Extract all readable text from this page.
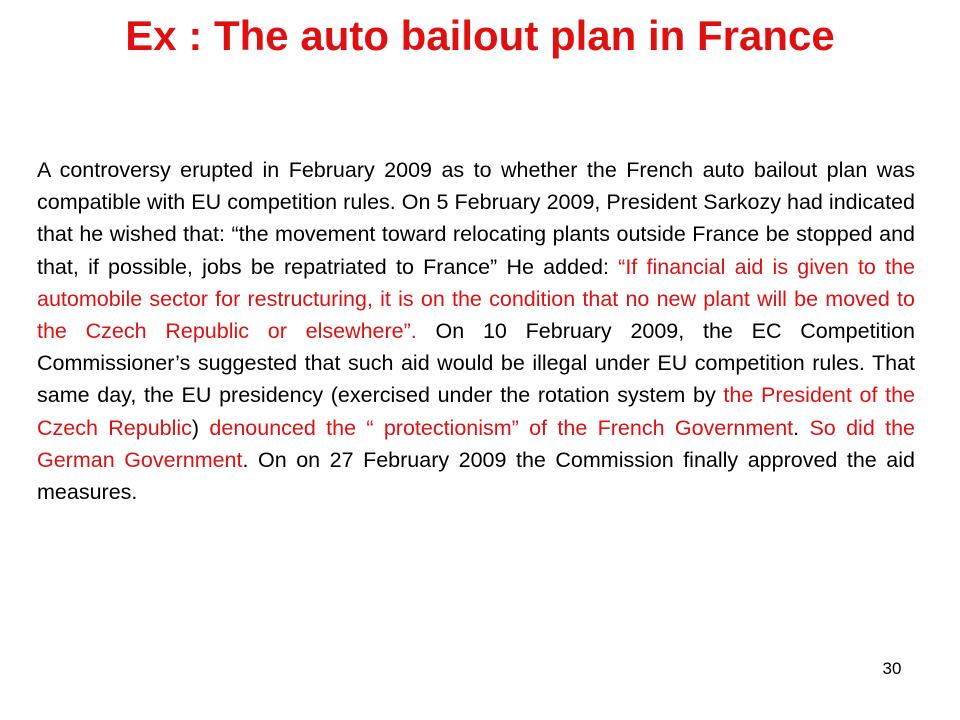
Ex : The auto bailout plan in France

A controversy erupted in February 2009 as to whether the French auto bailout plan was compatible with EU competition rules. On 5 February 2009, President Sarkozy had indicated that he wished that: “the movement toward relocating plants outside France be stopped and that, if possible, jobs be repatriated to France” He added: “If financial aid is given to the automobile sector for restructuring, it is on the condition that no new plant will be moved to the Czech Republic or elsewhere”. On 10 February 2009, the EC Competition Commissioner’s suggested that such aid would be illegal under EU competition rules. That same day, the EU presidency (exercised under the rotation system by the President of the Czech Republic) denounced the “ protectionism” of the French Government. So did the German Government. On on 27 February 2009 the Commission finally approved the aid measures.

30
